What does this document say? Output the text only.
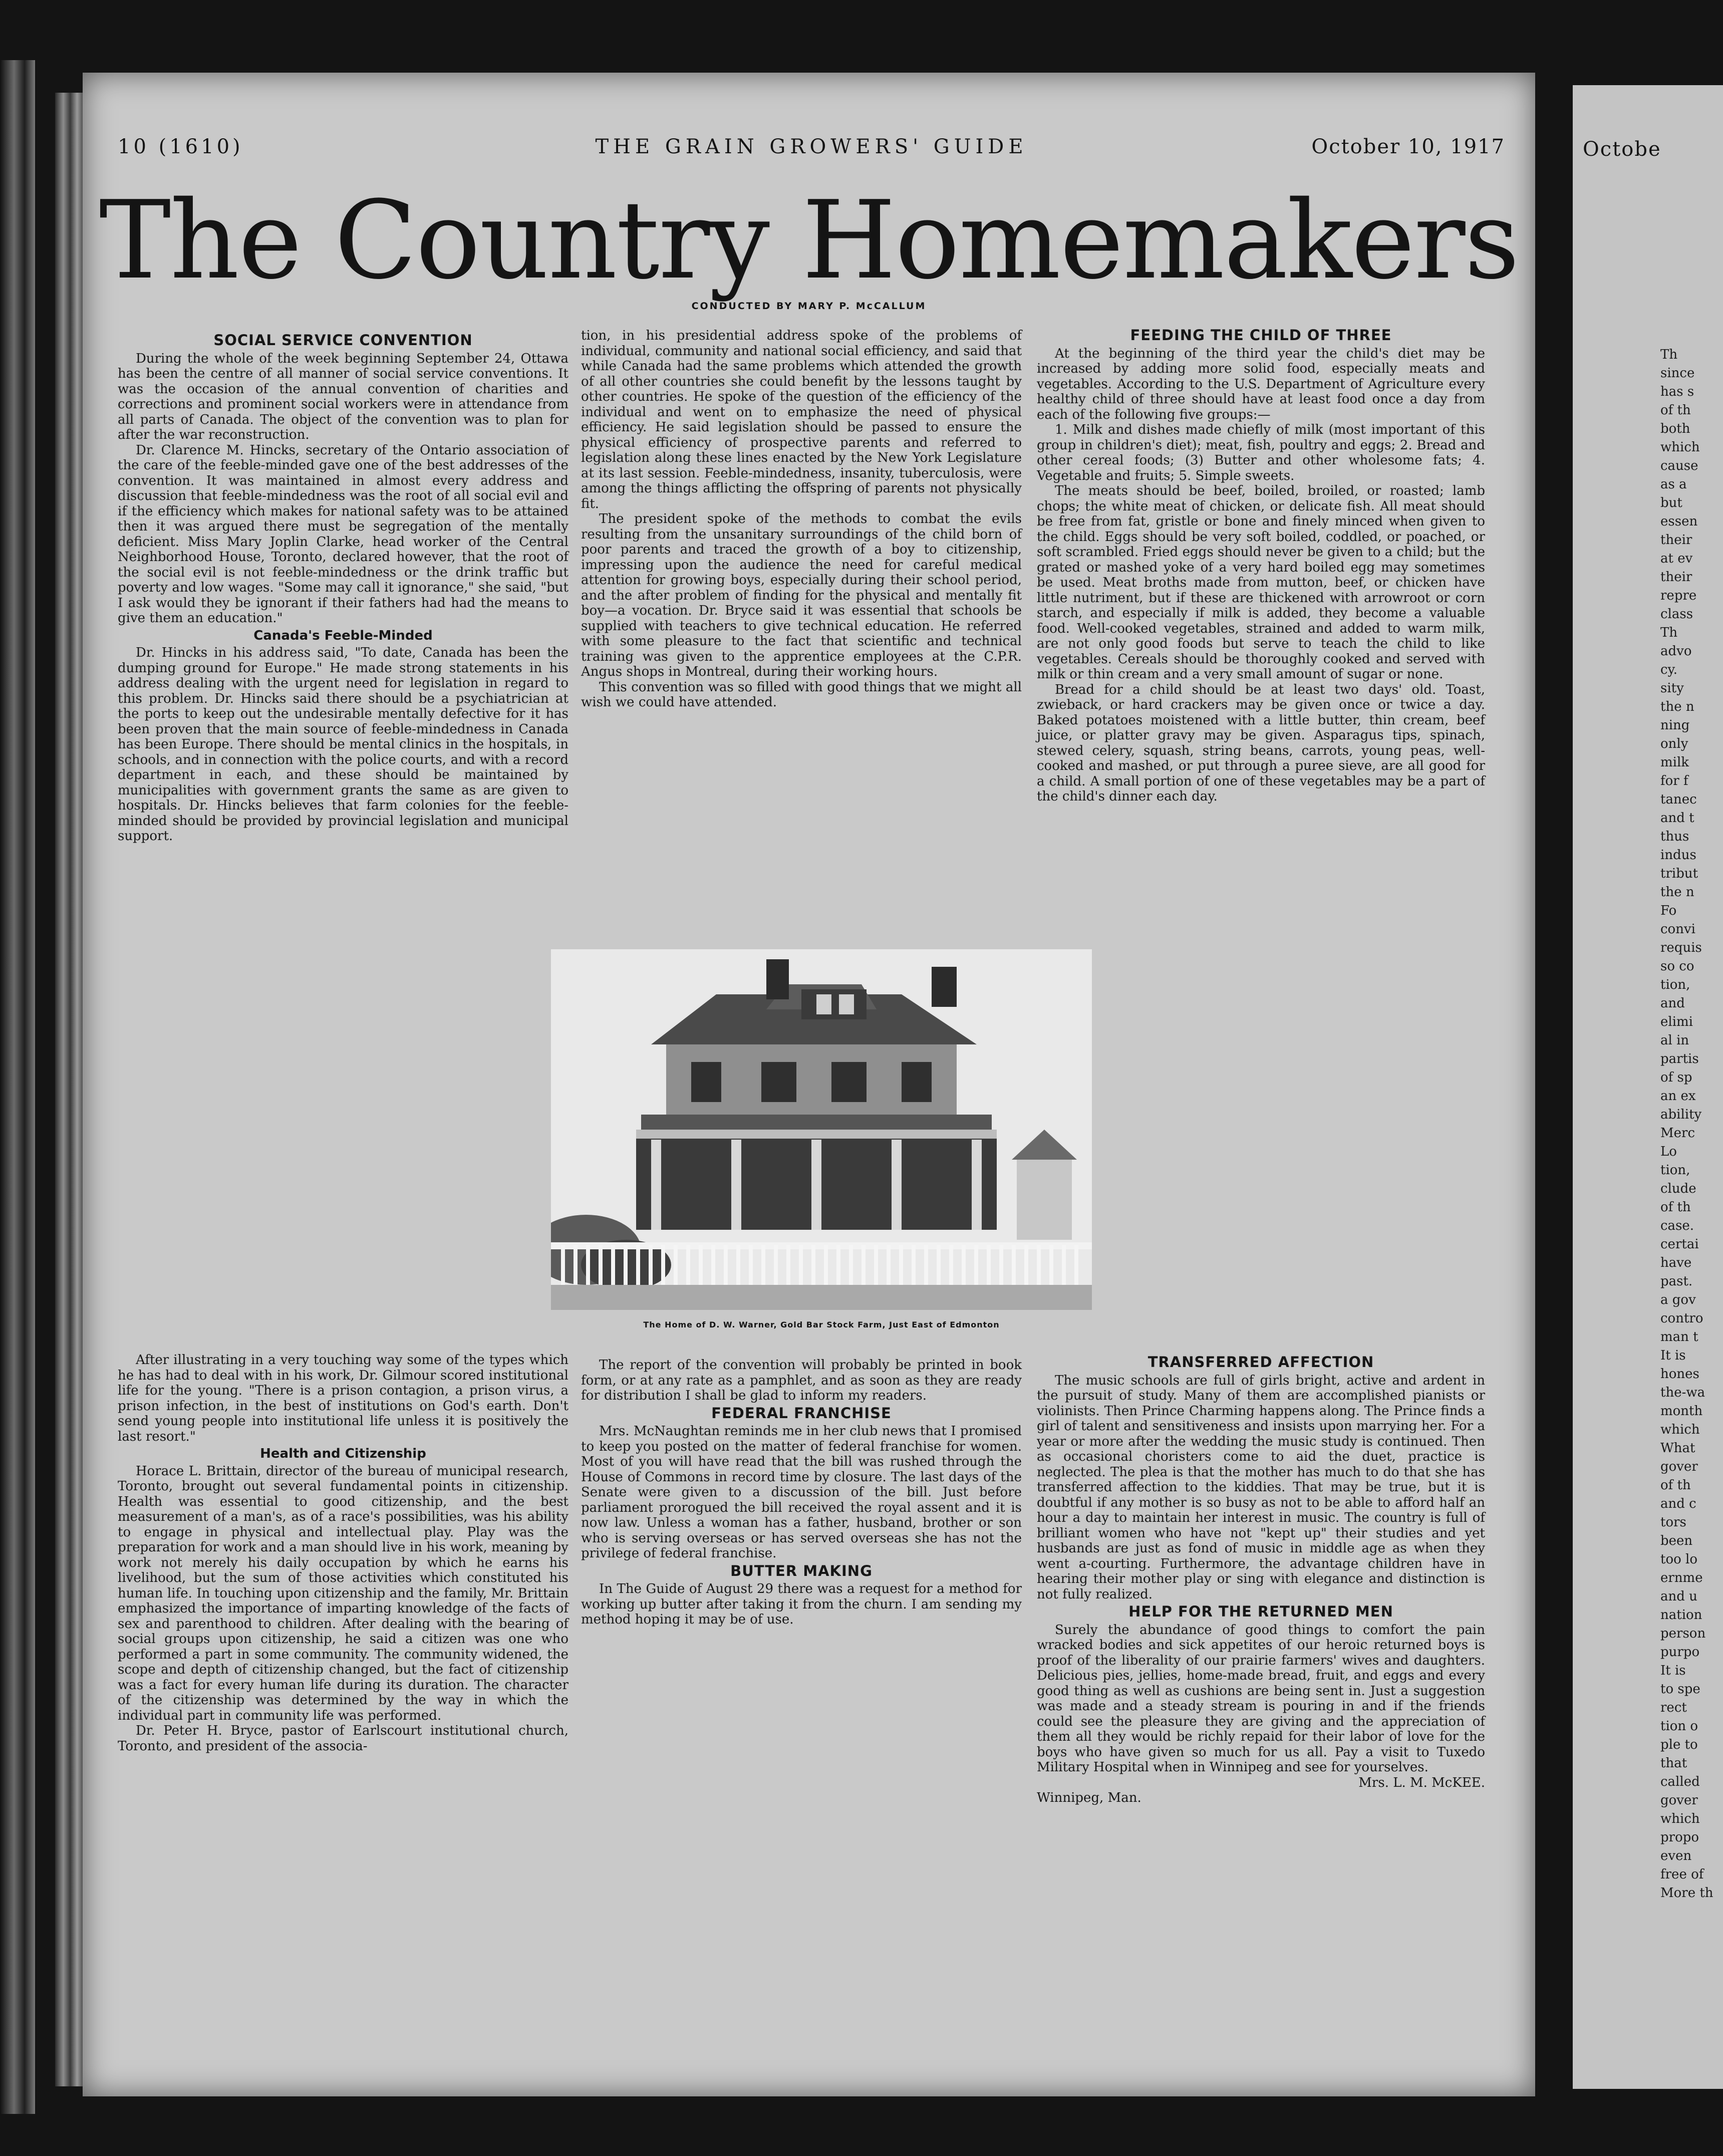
10 (1610)	THE GRAIN GROWERS' GUIDE	October 10, 1917
The Country Homemakers
CONDUCTED BY MARY P. McCALLUM
SOCIAL SERVICE CONVENTION

During the whole of the week beginning September 24, Ottawa has been the centre of all manner of social service conventions. It was the occasion of the annual convention of charities and corrections and prominent social workers were in attendance from all parts of Canada. The object of the convention was to plan for after the war reconstruction.

Dr. Clarence M. Hincks, secretary of the Ontario association of the care of the feeble-minded gave one of the best addresses of the convention. It was maintained in almost every address and discussion that feeble-mindedness was the root of all social evil and if the efficiency which makes for national safety was to be attained then it was argued there must be segregation of the mentally deficient. Miss Mary Joplin Clarke, head worker of the Central Neighborhood House, Toronto, declared however, that the root of the social evil is not feeble-mindedness or the drink traffic but poverty and low wages. "Some may call it ignorance," she said, "but I ask would they be ignorant if their fathers had had the means to give them an education."

Canada's Feeble-Minded

Dr. Hincks in his address said, "To date, Canada has been the dumping ground for Europe." He made strong statements in his address dealing with the urgent need for legislation in regard to this problem. Dr. Hincks said there should be a psychiatrician at the ports to keep out the undesirable mentally defective for it has been proven that the main source of feeble-mindedness in Canada has been Europe. There should be mental clinics in the hospitals, in schools, and in connection with the police courts, and with a record department in each, and these should be maintained by municipalities with government grants the same as are given to hospitals. Dr. Hincks believes that farm colonies for the feeble-minded should be provided by provincial legislation and municipal support.

tion, in his presidential address spoke of the problems of individual, community and national social efficiency, and said that while Canada had the same problems which attended the growth of all other countries she could benefit by the lessons taught by other countries. He spoke of the question of the efficiency of the individual and went on to emphasize the need of physical efficiency. He said legislation should be passed to ensure the physical efficiency of prospective parents and referred to legislation along these lines enacted by the New York Legislature at its last session. Feeble-mindedness, insanity, tuberculosis, were among the things afflicting the offspring of parents not physically fit.

The president spoke of the methods to combat the evils resulting from the unsanitary surroundings of the child born of poor parents and traced the growth of a boy to citizenship, impressing upon the audience the need for careful medical attention for growing boys, especially during their school period, and the after problem of finding for the physical and mentally fit boy—a vocation. Dr. Bryce said it was essential that schools be supplied with teachers to give technical education. He referred with some pleasure to the fact that scientific and technical training was given to the apprentice employees at the C.P.R. Angus shops in Montreal, during their working hours.

This convention was so filled with good things that we might all wish we could have attended.

FEEDING THE CHILD OF THREE

At the beginning of the third year the child's diet may be increased by adding more solid food, especially meats and vegetables. According to the U.S. Department of Agriculture every healthy child of three should have at least food once a day from each of the following five groups:—

1. Milk and dishes made chiefly of milk (most important of this group in children's diet); meat, fish, poultry and eggs; 2. Bread and other cereal foods; (3) Butter and other wholesome fats; 4. Vegetable and fruits; 5. Simple sweets.

The meats should be beef, boiled, broiled, or roasted; lamb chops; the white meat of chicken, or delicate fish. All meat should be free from fat, gristle or bone and finely minced when given to the child. Eggs should be very soft boiled, coddled, or poached, or soft scrambled. Fried eggs should never be given to a child; but the grated or mashed yoke of a very hard boiled egg may sometimes be used. Meat broths made from mutton, beef, or chicken have little nutriment, but if these are thickened with arrowroot or corn starch, and especially if milk is added, they become a valuable food. Well-cooked vegetables, strained and added to warm milk, are not only good foods but serve to teach the child to like vegetables. Cereals should be thoroughly cooked and served with milk or thin cream and a very small amount of sugar or none.

Bread for a child should be at least two days' old. Toast, zwieback, or hard crackers may be given once or twice a day. Baked potatoes moistened with a little butter, thin cream, beef juice, or platter gravy may be given. Asparagus tips, spinach, stewed celery, squash, string beans, carrots, young peas, well-cooked and mashed, or put through a puree sieve, are all good for a child. A small portion of one of these vegetables may be a part of the child's dinner each day.

The Home of D. W. Warner, Gold Bar Stock Farm, Just East of Edmonton

After illustrating in a very touching way some of the types which he has had to deal with in his work, Dr. Gilmour scored institutional life for the young. "There is a prison contagion, a prison virus, a prison infection, in the best of institutions on God's earth. Don't send young people into institutional life unless it is positively the last resort."

Health and Citizenship

Horace L. Brittain, director of the bureau of municipal research, Toronto, brought out several fundamental points in citizenship. Health was essential to good citizenship, and the best measurement of a man's, as of a race's possibilities, was his ability to engage in physical and intellectual play. Play was the preparation for work and a man should live in his work, meaning by work not merely his daily occupation by which he earns his livelihood, but the sum of those activities which constituted his human life. In touching upon citizenship and the family, Mr. Brittain emphasized the importance of imparting knowledge of the facts of sex and parenthood to children. After dealing with the bearing of social groups upon citizenship, he said a citizen was one who performed a part in some community. The community widened, the scope and depth of citizenship changed, but the fact of citizenship was a fact for every human life during its duration. The character of the citizenship was determined by the way in which the individual part in community life was performed.

Dr. Peter H. Bryce, pastor of Earlscourt institutional church, Toronto, and president of the associa-

The report of the convention will probably be printed in book form, or at any rate as a pamphlet, and as soon as they are ready for distribution I shall be glad to inform my readers.

FEDERAL FRANCHISE

Mrs. McNaughtan reminds me in her club news that I promised to keep you posted on the matter of federal franchise for women. Most of you will have read that the bill was rushed through the House of Commons in record time by closure. The last days of the Senate were given to a discussion of the bill. Just before parliament prorogued the bill received the royal assent and it is now law. Unless a woman has a father, husband, brother or son who is serving overseas or has served overseas she has not the privilege of federal franchise.

BUTTER MAKING

In The Guide of August 29 there was a request for a method for working up butter after taking it from the churn. I am sending my method hoping it may be of use.

TRANSFERRED AFFECTION

The music schools are full of girls bright, active and ardent in the pursuit of study. Many of them are accomplished pianists or violinists. Then Prince Charming happens along. The Prince finds a girl of talent and sensitiveness and insists upon marrying her. For a year or more after the wedding the music study is continued. Then as occasional choristers come to aid the duet, practice is neglected. The plea is that the mother has much to do that she has transferred affection to the kiddies. That may be true, but it is doubtful if any mother is so busy as not to be able to afford half an hour a day to maintain her interest in music. The country is full of brilliant women who have not "kept up" their studies and yet husbands are just as fond of music in middle age as when they went a-courting. Furthermore, the advantage children have in hearing their mother play or sing with elegance and distinction is not fully realized.

HELP FOR THE RETURNED MEN

Surely the abundance of good things to comfort the pain wracked bodies and sick appetites of our heroic returned boys is proof of the liberality of our prairie farmers' wives and daughters. Delicious pies, jellies, home-made bread, fruit, and eggs and every good thing as well as cushions are being sent in. Just a suggestion was made and a steady stream is pouring in and if the friends could see the pleasure they are giving and the appreciation of them all they would be richly repaid for their labor of love for the boys who have given so much for us all. Pay a visit to Tuxedo Military Hospital when in Winnipeg and see for yourselves.

Mrs. L. M. McKEE.

Winnipeg, Man.

Octobe
Th
since
has s
of th
both
which
cause
as a
but
essen
their
at ev
their
repre
class
Th
advo
cy.
sity
the n
ning
only
milk
for f
tanec
and t
thus
indus
tribut
the n
Fo
convi
requis
so co
tion,
and
elimi
al in
partis
of sp
an ex
ability
Merc
Lo
tion,
clude
of th
case.
certai
have
past.
a gov
contro
man t
It is
hones
the-wa
month
which
What
gover
of th
and c
tors
been
too lo
ernme
and u
nation
person
purpo
It is
to spe
rect
tion o
ple to
that
called
gover
which
propo
even
free of
More th
